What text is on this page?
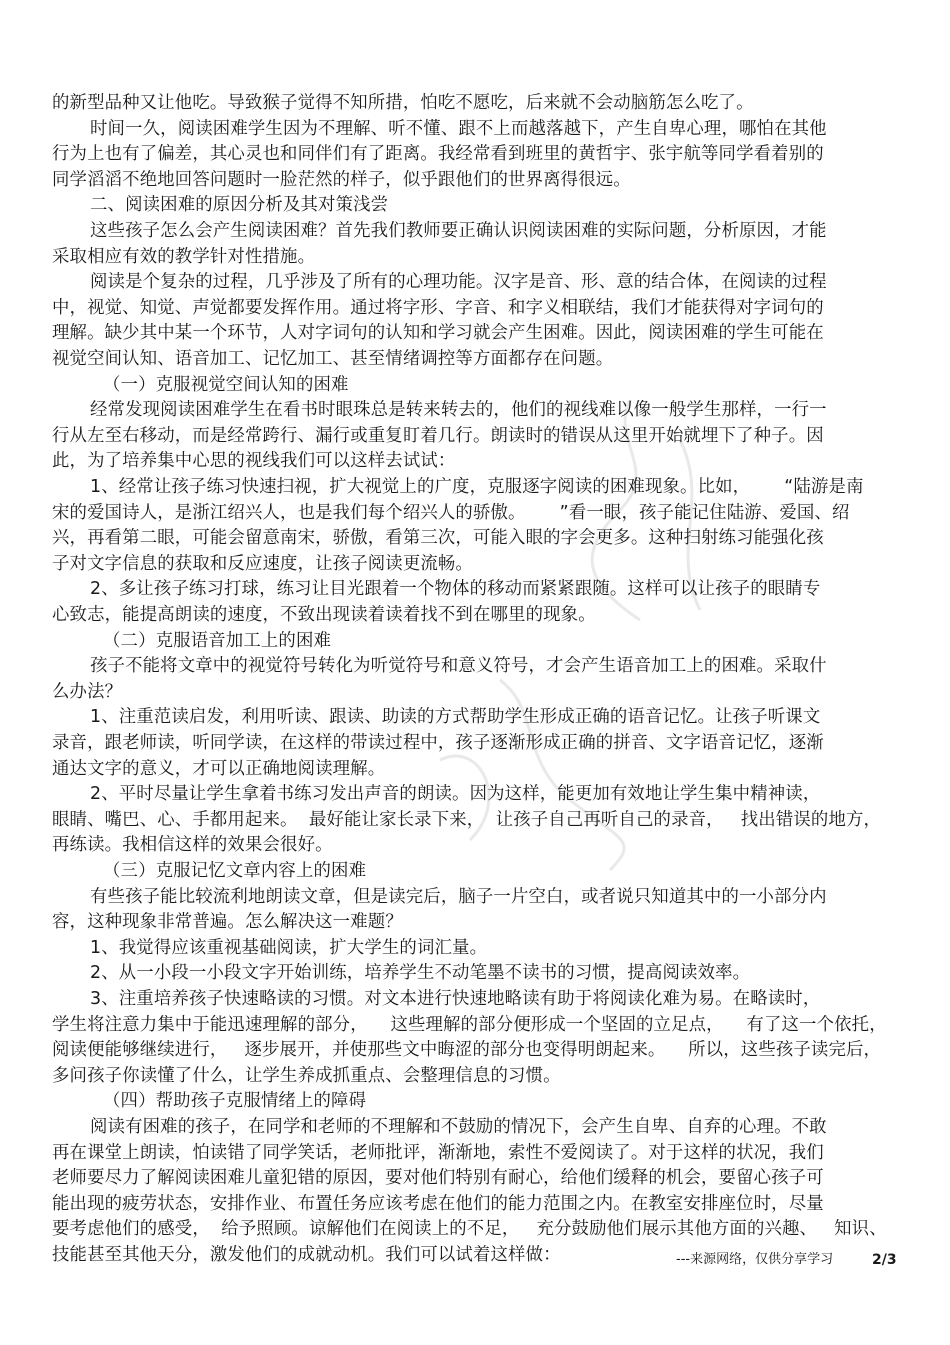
的新型品种又让他吃。导致猴子觉得不知所措，怕吃不愿吃，后来就不会动脑筋怎么吃了。
时间一久，阅读困难学生因为不理解、听不懂、跟不上而越落越下，产生自卑心理，哪怕在其他
行为上也有了偏差，其心灵也和同伴们有了距离。我经常看到班里的黄哲宇、张宇航等同学看着别的
同学滔滔不绝地回答问题时一脸茫然的样子，似乎跟他们的世界离得很远。
二、阅读困难的原因分析及其对策浅尝
这些孩子怎么会产生阅读困难？首先我们教师要正确认识阅读困难的实际问题，分析原因，才能
采取相应有效的教学针对性措施。
阅读是个复杂的过程，几乎涉及了所有的心理功能。汉字是音、形、意的结合体，在阅读的过程
中，视觉、知觉、声觉都要发挥作用。通过将字形、字音、和字义相联结，我们才能获得对字词句的
理解。缺少其中某一个环节，人对字词句的认知和学习就会产生困难。因此，阅读困难的学生可能在
视觉空间认知、语音加工、记忆加工、甚至情绪调控等方面都存在问题。
（一）克服视觉空间认知的困难
经常发现阅读困难学生在看书时眼珠总是转来转去的，他们的视线难以像一般学生那样，一行一
行从左至右移动，而是经常跨行、漏行或重复盯着几行。朗读时的错误从这里开始就埋下了种子。因
此，为了培养集中心思的视线我们可以这样去试试：
1、经常让孩子练习快速扫视，扩大视觉上的广度，克服逐字阅读的困难现象。比如，      “陆游是南
宋的爱国诗人，是浙江绍兴人，也是我们每个绍兴人的骄傲。      ”看一眼，孩子能记住陆游、爱国、绍
兴，再看第二眼，可能会留意南宋，骄傲，看第三次，可能入眼的字会更多。这种扫射练习能强化孩
子对文字信息的获取和反应速度，让孩子阅读更流畅。
2、多让孩子练习打球，练习让目光跟着一个物体的移动而紧紧跟随。这样可以让孩子的眼睛专
心致志，能提高朗读的速度，不致出现读着读着找不到在哪里的现象。
（二）克服语音加工上的困难
孩子不能将文章中的视觉符号转化为听觉符号和意义符号，才会产生语音加工上的困难。采取什
么办法？
1、注重范读启发，利用听读、跟读、助读的方式帮助学生形成正确的语音记忆。让孩子听课文
录音，跟老师读，听同学读，在这样的带读过程中，孩子逐渐形成正确的拼音、文字语音记忆，逐渐
通达文字的意义，才可以正确地阅读理解。
2、平时尽量让学生拿着书练习发出声音的朗读。因为这样，能更加有效地让学生集中精神读，
眼睛、嘴巴、心、手都用起来。  最好能让家长录下来，  让孩子自己再听自己的录音，   找出错误的地方，
再练读。我相信这样的效果会很好。
（三）克服记忆文章内容上的困难
有些孩子能比较流利地朗读文章，但是读完后，脑子一片空白，或者说只知道其中的一小部分内
容，这种现象非常普遍。怎么解决这一难题？
1、我觉得应该重视基础阅读，扩大学生的词汇量。
2、从一小段一小段文字开始训练，培养学生不动笔墨不读书的习惯，提高阅读效率。
3、注重培养孩子快速略读的习惯。对文本进行快速地略读有助于将阅读化难为易。在略读时，
学生将注意力集中于能迅速理解的部分，    这些理解的部分便形成一个坚固的立足点，    有了这一个依托，
阅读便能够继续进行，   逐步展开，并使那些文中晦涩的部分也变得明朗起来。    所以，这些孩子读完后，
多问孩子你读懂了什么，让学生养成抓重点、会整理信息的习惯。
（四）帮助孩子克服情绪上的障碍
阅读有困难的孩子，在同学和老师的不理解和不鼓励的情况下，会产生自卑、自弃的心理。不敢
再在课堂上朗读，怕读错了同学笑话，老师批评，渐渐地，索性不爱阅读了。对于这样的状况，我们
老师要尽力了解阅读困难儿童犯错的原因，要对他们特别有耐心，给他们缓释的机会，要留心孩子可
能出现的疲劳状态，安排作业、布置任务应该考虑在他们的能力范围之内。在教室安排座位时，尽量
要考虑他们的感受，  给予照顾。谅解他们在阅读上的不足，   充分鼓励他们展示其他方面的兴趣、   知识、
技能甚至其他天分，激发他们的成就动机。我们可以试着这样做：	---来源网络，仅供分享学习	2/3
